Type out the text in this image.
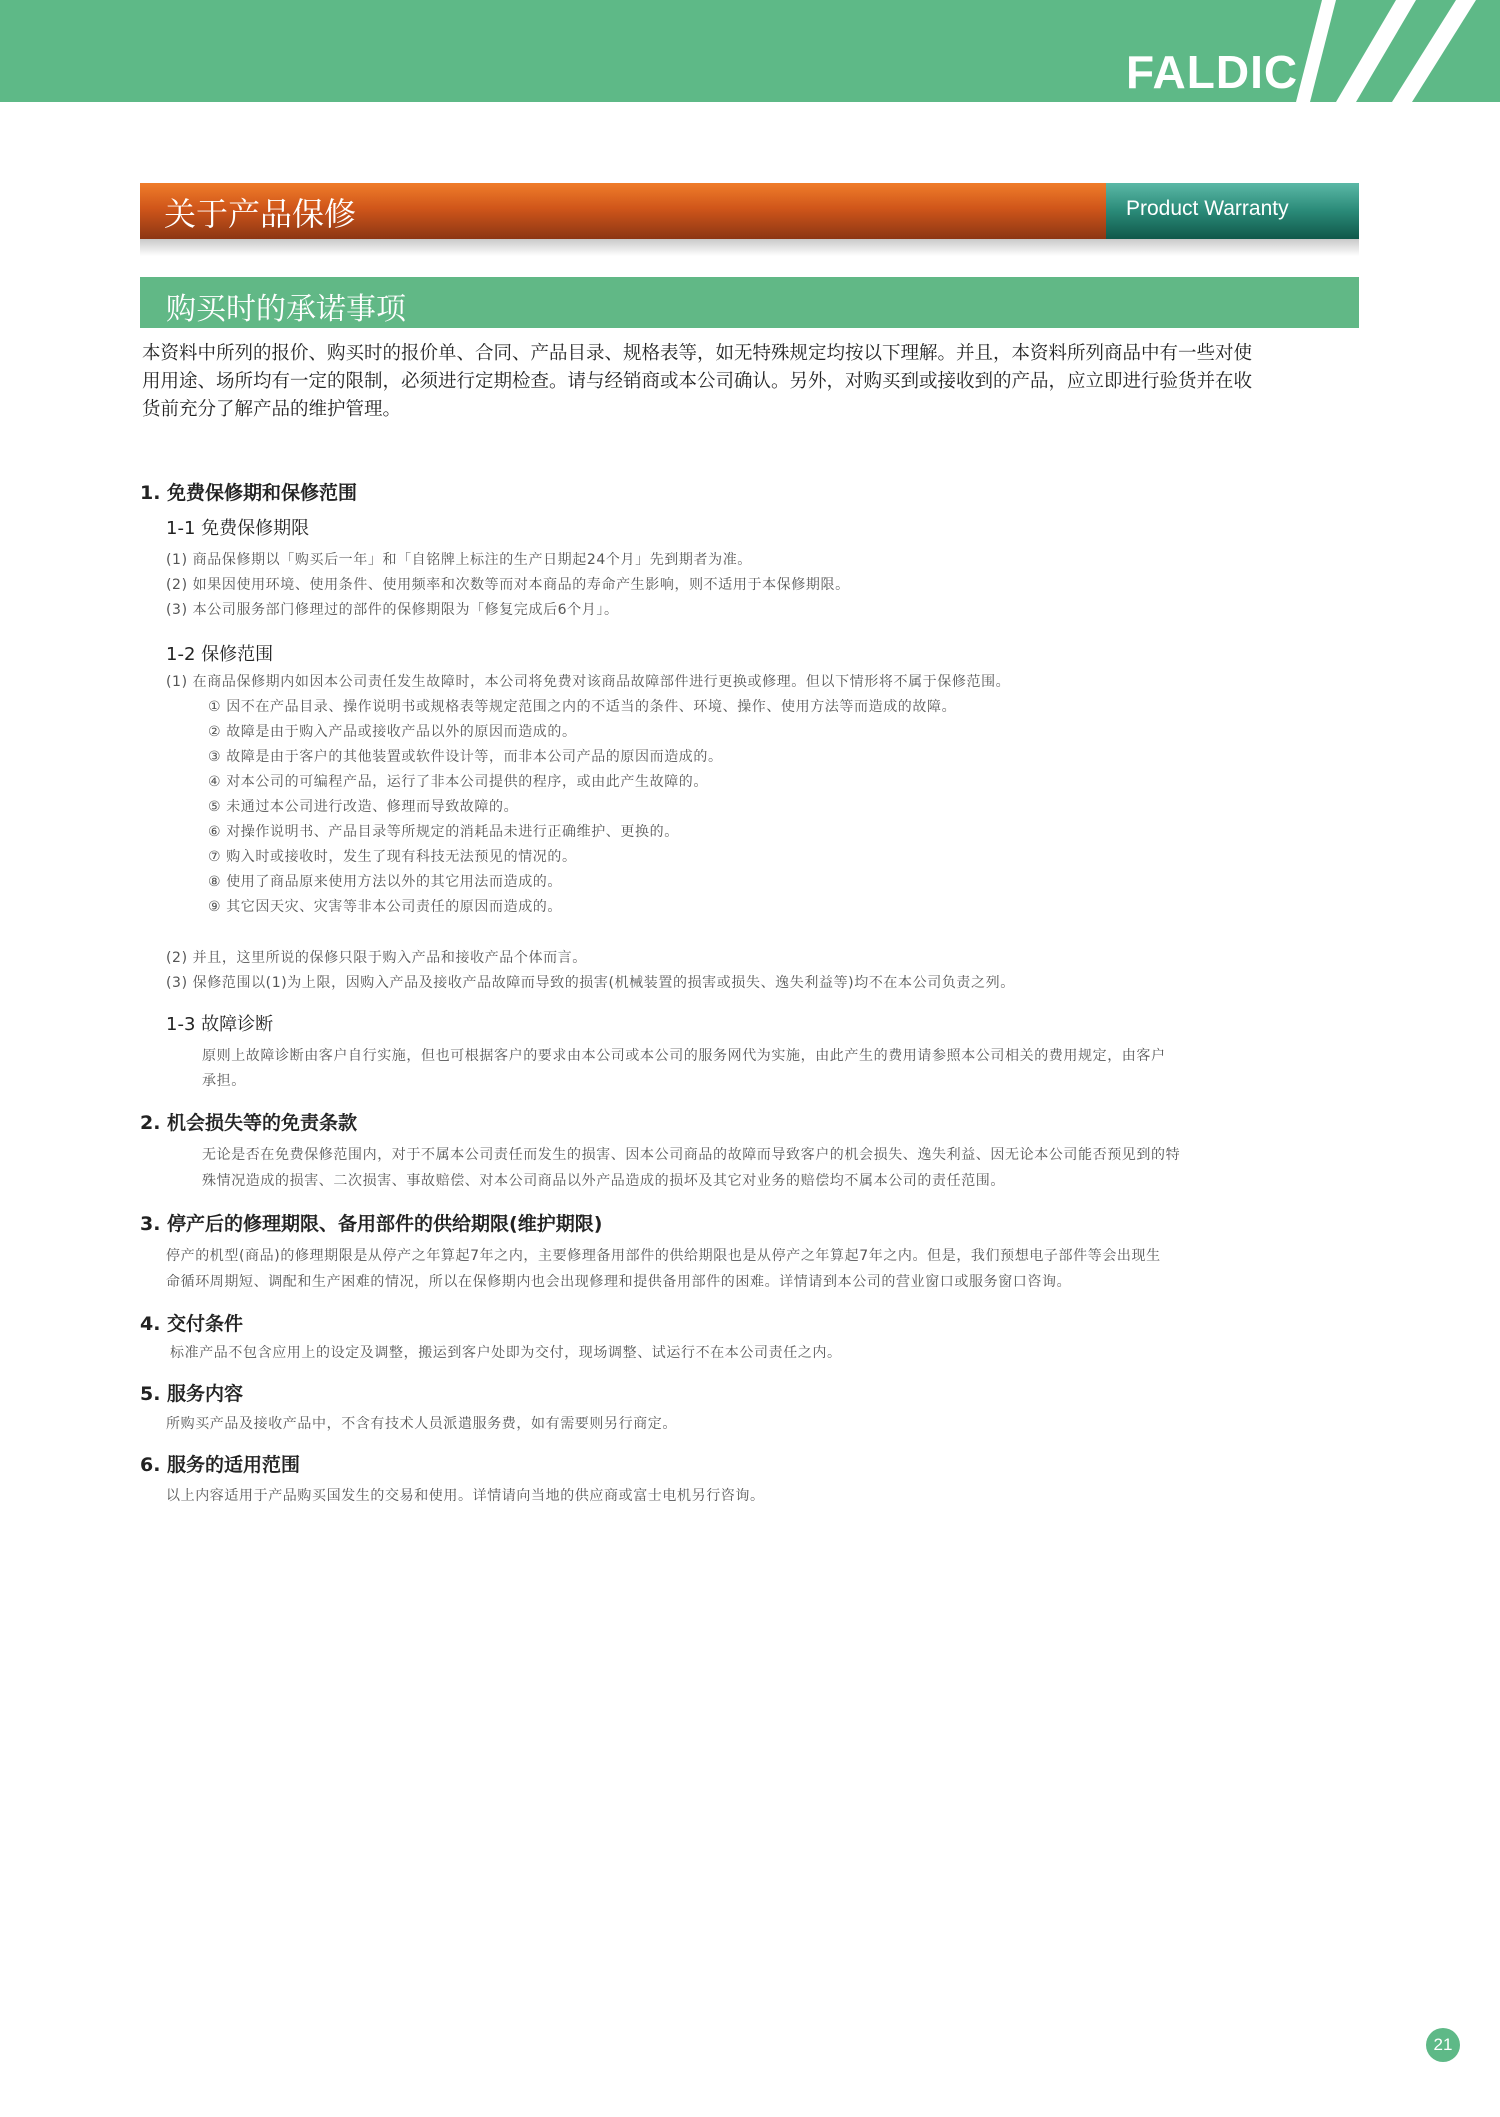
FALDIC
关于产品保修	Product Warranty
购买时的承诺事项
本资料中所列的报价、购买时的报价单、合同、产品目录、规格表等，如无特殊规定均按以下理解。并且，本资料所列商品中有一些对使
用用途、场所均有一定的限制，必须进行定期检查。请与经销商或本公司确认。另外，对购买到或接收到的产品，应立即进行验货并在收
货前充分了解产品的维护管理。
1. 免费保修期和保修范围
1-1 免费保修期限
(1) 商品保修期以「购买后一年」和「自铭牌上标注的生产日期起24个月」先到期者为准。
(2) 如果因使用环境、使用条件、使用频率和次数等而对本商品的寿命产生影响，则不适用于本保修期限。
(3) 本公司服务部门修理过的部件的保修期限为「修复完成后6个月」。
1-2 保修范围
(1) 在商品保修期内如因本公司责任发生故障时，本公司将免费对该商品故障部件进行更换或修理。但以下情形将不属于保修范围。
① 因不在产品目录、操作说明书或规格表等规定范围之内的不适当的条件、环境、操作、使用方法等而造成的故障。
② 故障是由于购入产品或接收产品以外的原因而造成的。
③ 故障是由于客户的其他装置或软件设计等，而非本公司产品的原因而造成的。
④ 对本公司的可编程产品，运行了非本公司提供的程序，或由此产生故障的。
⑤ 未通过本公司进行改造、修理而导致故障的。
⑥ 对操作说明书、产品目录等所规定的消耗品未进行正确维护、更换的。
⑦ 购入时或接收时，发生了现有科技无法预见的情况的。
⑧ 使用了商品原来使用方法以外的其它用法而造成的。
⑨ 其它因天灾、灾害等非本公司责任的原因而造成的。
(2) 并且，这里所说的保修只限于购入产品和接收产品个体而言。
(3) 保修范围以(1)为上限，因购入产品及接收产品故障而导致的损害(机械装置的损害或损失、逸失利益等)均不在本公司负责之列。
1-3 故障诊断
原则上故障诊断由客户自行实施，但也可根据客户的要求由本公司或本公司的服务网代为实施，由此产生的费用请参照本公司相关的费用规定，由客户
承担。
2. 机会损失等的免责条款
无论是否在免费保修范围内，对于不属本公司责任而发生的损害、因本公司商品的故障而导致客户的机会损失、逸失利益、因无论本公司能否预见到的特
殊情况造成的损害、二次损害、事故赔偿、对本公司商品以外产品造成的损坏及其它对业务的赔偿均不属本公司的责任范围。
3. 停产后的修理期限、备用部件的供给期限(维护期限)
停产的机型(商品)的修理期限是从停产之年算起7年之内，主要修理备用部件的供给期限也是从停产之年算起7年之内。但是，我们预想电子部件等会出现生
命循环周期短、调配和生产困难的情况，所以在保修期内也会出现修理和提供备用部件的困难。详情请到本公司的营业窗口或服务窗口咨询。
4. 交付条件
标准产品不包含应用上的设定及调整，搬运到客户处即为交付，现场调整、试运行不在本公司责任之内。
5. 服务内容
所购买产品及接收产品中，不含有技术人员派遣服务费，如有需要则另行商定。
6. 服务的适用范围
以上内容适用于产品购买国发生的交易和使用。详情请向当地的供应商或富士电机另行咨询。
21
